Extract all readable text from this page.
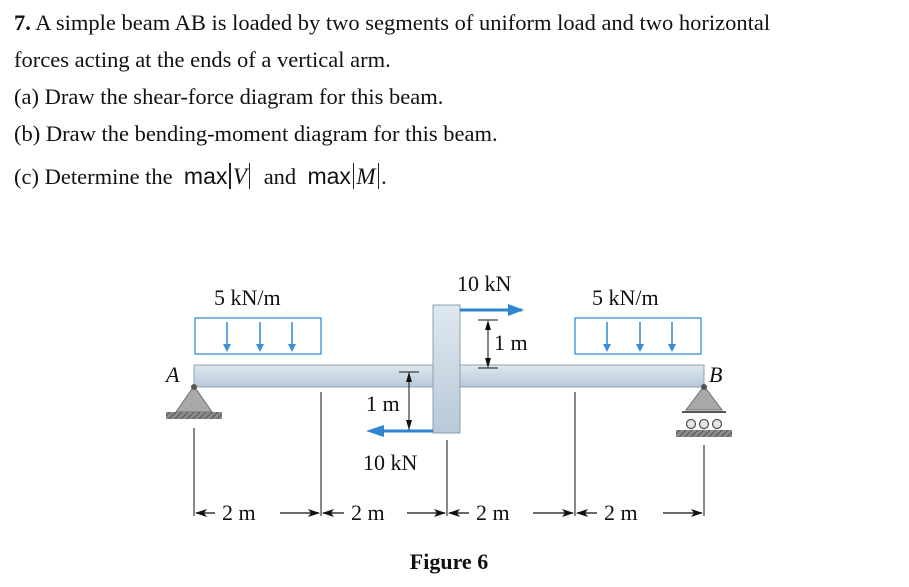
7. A simple beam AB is loaded by two segments of uniform load and two horizontal

forces acting at the ends of a vertical arm.

(a) Draw the shear-force diagram for this beam.

(b) Draw the bending-moment diagram for this beam.

(c) Determine the max V and max M .

A	B
5 kN/m	5 kN/m
10 kN
10 kN
1 m
1 m
2 m	2 m	2 m	2 m
Figure 6
